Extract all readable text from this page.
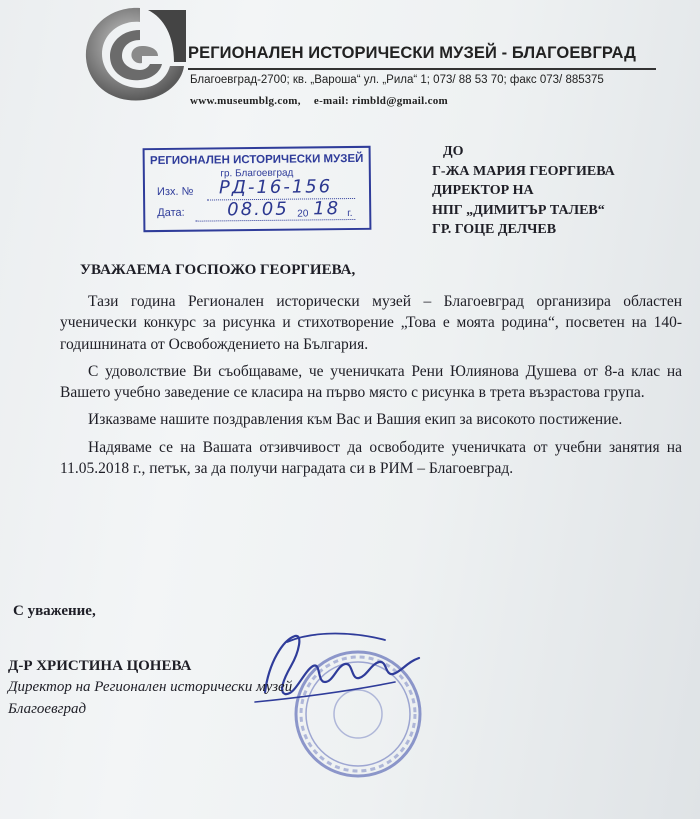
РЕГИОНАЛЕН ИСТОРИЧЕСКИ МУЗЕЙ - БЛАГОЕВГРАД
Благоевград-2700; кв. „Вароша“ ул. „Рила“ 1; 073/ 88 53 70; факс 073/ 885375
www.museumblg.com, e-mail: rimbld@gmail.com
РЕГИОНАЛЕН ИСТОРИЧЕСКИ МУЗЕЙ
гр. Благоевград
Изх. № РД-16-156
Дата: 08.05 20 18 г.
ДО
Г-ЖА МАРИЯ ГЕОРГИЕВА
ДИРЕКТОР НА
НПГ „ДИМИТЪР ТАЛЕВ“
ГР. ГОЦЕ ДЕЛЧЕВ
УВАЖАЕМА ГОСПОЖО ГЕОРГИЕВА,

Тази година Регионален исторически музей – Благоевград организира областен ученически конкурс за рисунка и стихотворение „Това е моята родина“, посветен на 140-годишнината от Освобождението на България.

С удоволствие Ви съобщаваме, че ученичката Рени Юлиянова Душева от 8-а клас на Вашето учебно заведение се класира на първо място с рисунка в трета възрастова група.

Изказваме нашите поздравления към Вас и Вашия екип за високото постижение.

Надяваме се на Вашата отзивчивост да освободите ученичката от учебни занятия на 11.05.2018 г., петък, за да получи наградата си в РИМ – Благоевград.

С уважение,
Д-Р ХРИСТИНА ЦОНЕВА
Директор на Регионален исторически музей
Благоевград
